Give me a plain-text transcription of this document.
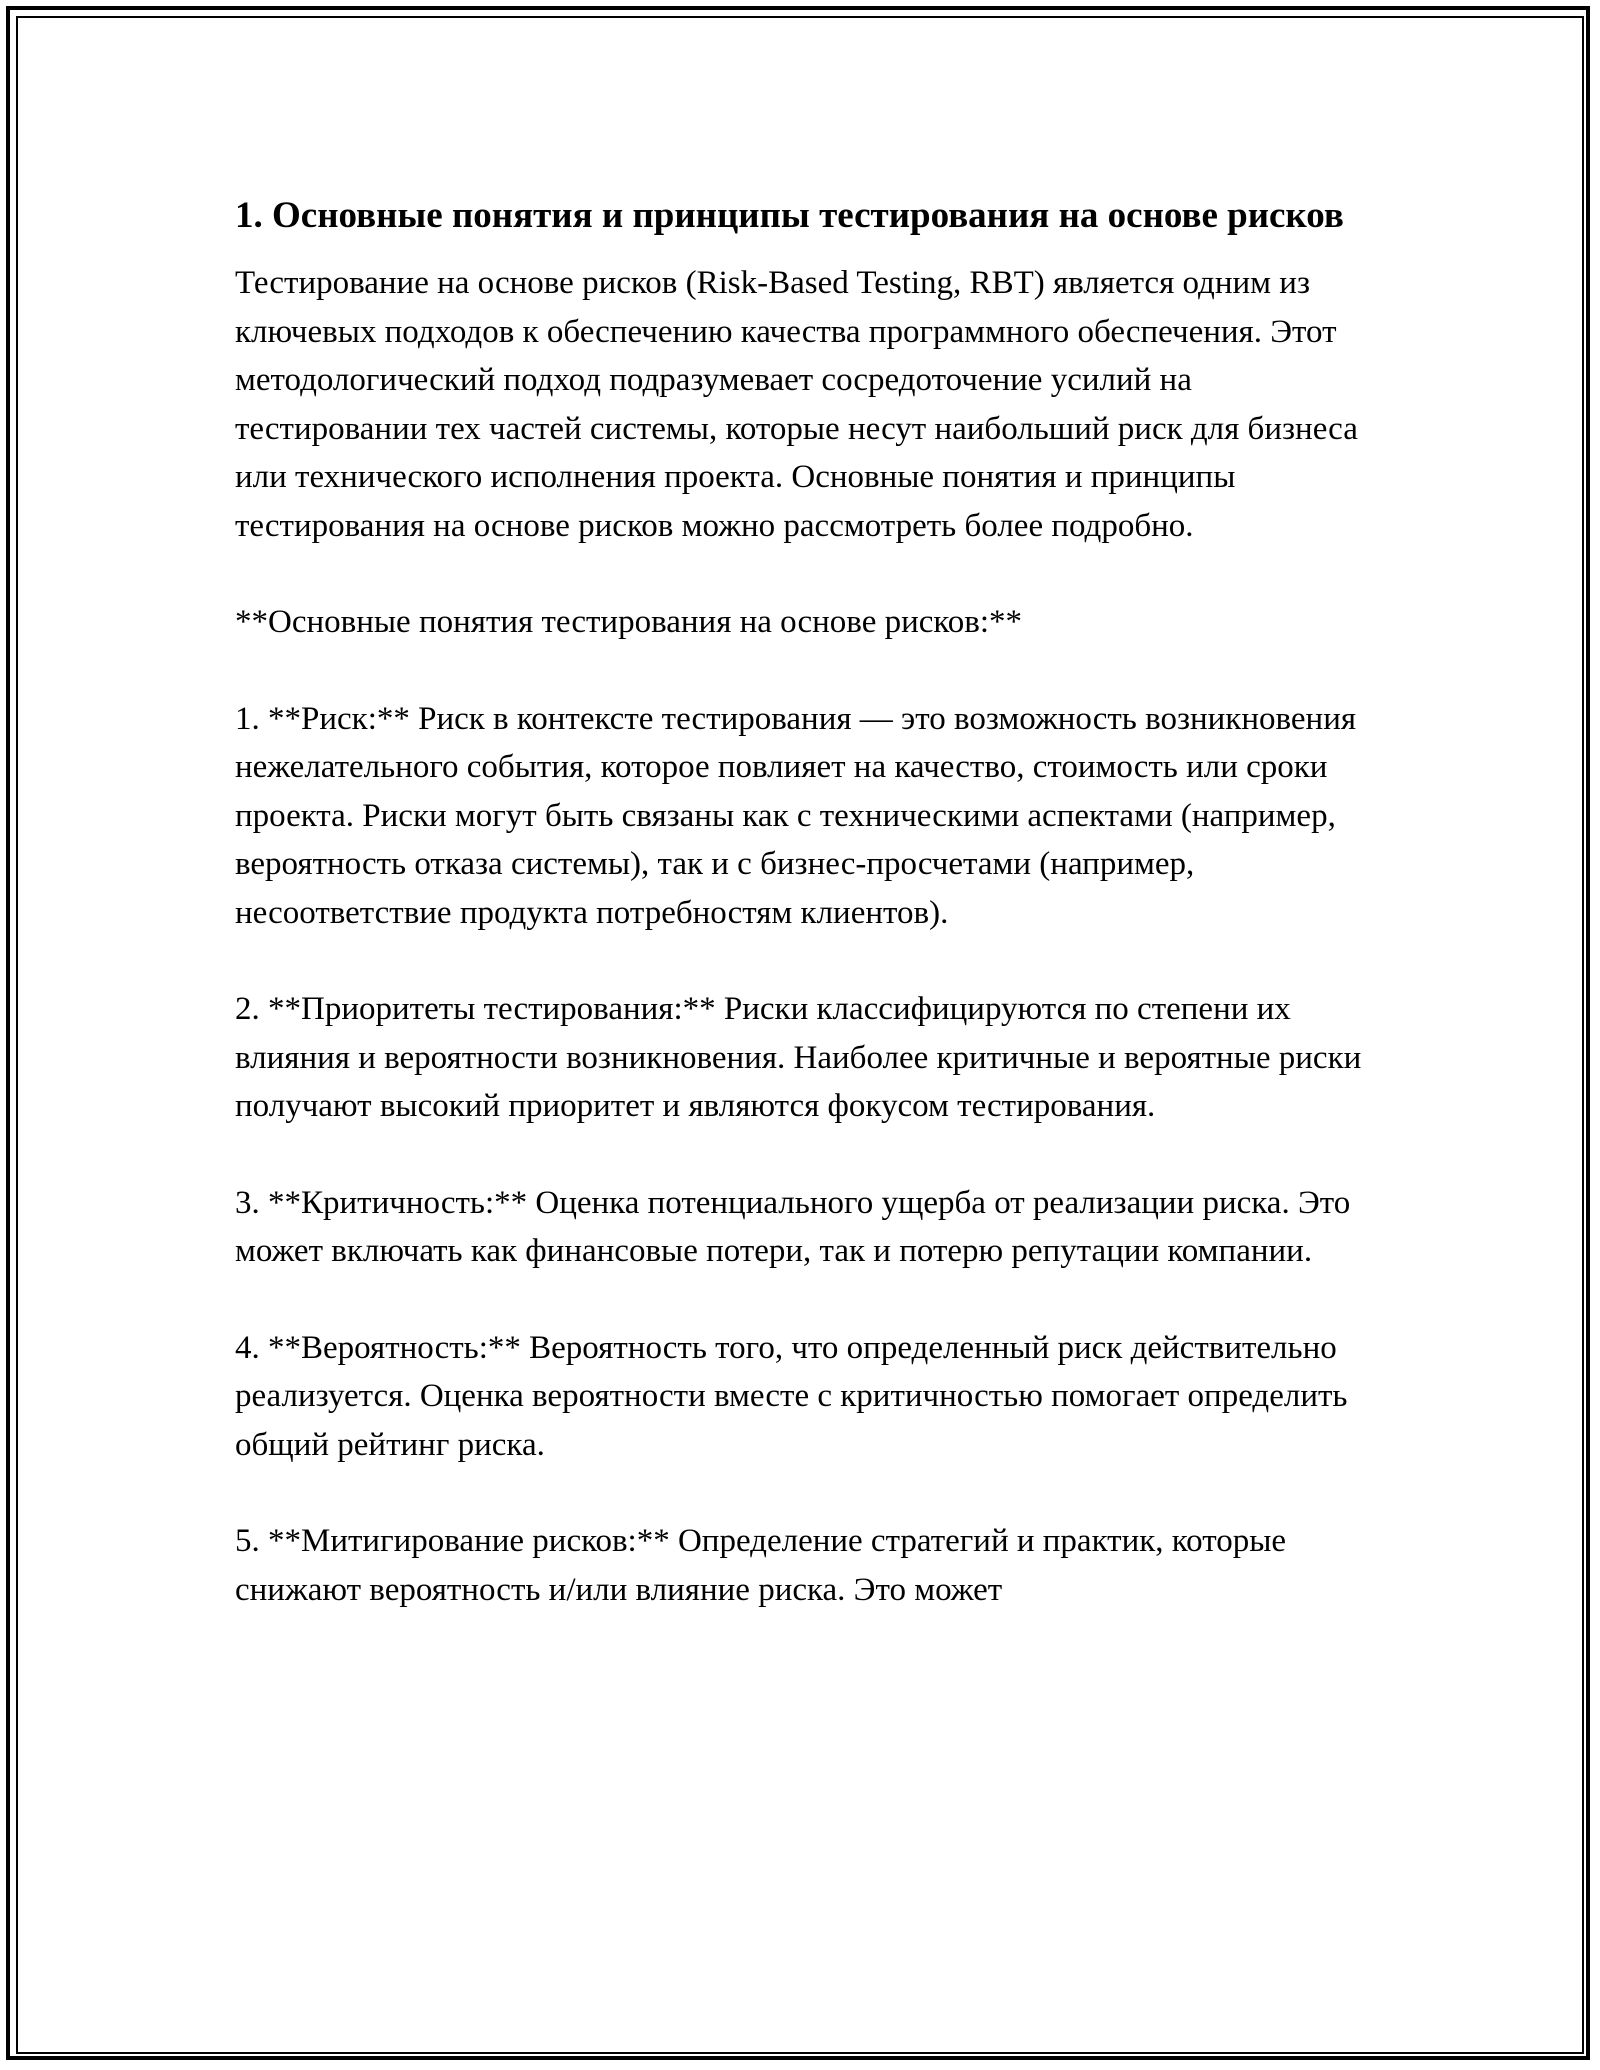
1. Основные понятия и принципы тестирования на основе рисков

Тестирование на основе рисков (Risk-Based Testing, RBT) является одним из ключевых подходов к обеспечению качества программного обеспечения. Этот методологический подход подразумевает сосредоточение усилий на тестировании тех частей системы, которые несут наибольший риск для бизнеса или технического исполнения проекта. Основные понятия и принципы тестирования на основе рисков можно рассмотреть более подробно.

**Основные понятия тестирования на основе рисков:**

1. **Риск:** Риск в контексте тестирования — это возможность возникновения нежелательного события, которое повлияет на качество, стоимость или сроки проекта. Риски могут быть связаны как с техническими аспектами (например, вероятность отказа системы), так и с бизнес-просчетами (например, несоответствие продукта потребностям клиентов).

2. **Приоритеты тестирования:** Риски классифицируются по степени их влияния и вероятности возникновения. Наиболее критичные и вероятные риски получают высокий приоритет и являются фокусом тестирования.

3. **Критичность:** Оценка потенциального ущерба от реализации риска. Это может включать как финансовые потери, так и потерю репутации компании.

4. **Вероятность:** Вероятность того, что определенный риск действительно реализуется. Оценка вероятности вместе с критичностью помогает определить общий рейтинг риска.

5. **Митигирование рисков:** Определение стратегий и практик, которые снижают вероятность и/или влияние риска. Это может
